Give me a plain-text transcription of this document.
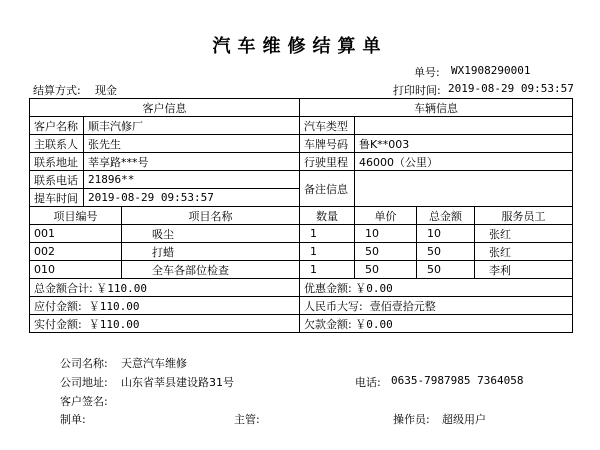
汽车维修结算单
单号: WX1908290001
结算方式: 现金	打印时间: 2019-08-29 09:53:57
客户信息			车辆信息			
客户名称	顺丰汽修厂		汽车类型			
主联系人	张先生		车牌号码	鲁K**003		
联系地址	莘享路***号		行驶里程	46000（公里）		
联系电话	21896**		备注信息			
提车时间	2019-08-29 09:53:57					
项目编号		项目名称	数量	单价	总金额	服务员工
001		吸尘	1	10	10	张红
002		打蜡	1	50	50	张红
010		全车各部位检查	1	50	50	李利
总金额合计: ￥110.00			优惠金额: ￥0.00			
应付金额: ￥110.00			人民币大写: 壹佰壹拾元整			
实付金额: ￥110.00			欠款金额: ￥0.00			
公司名称: 天意汽车维修
公司地址: 山东省莘县建设路31号	电话: 0635-7987985 7364058
客户签名:
制单:	主管:	操作员: 超级用户
